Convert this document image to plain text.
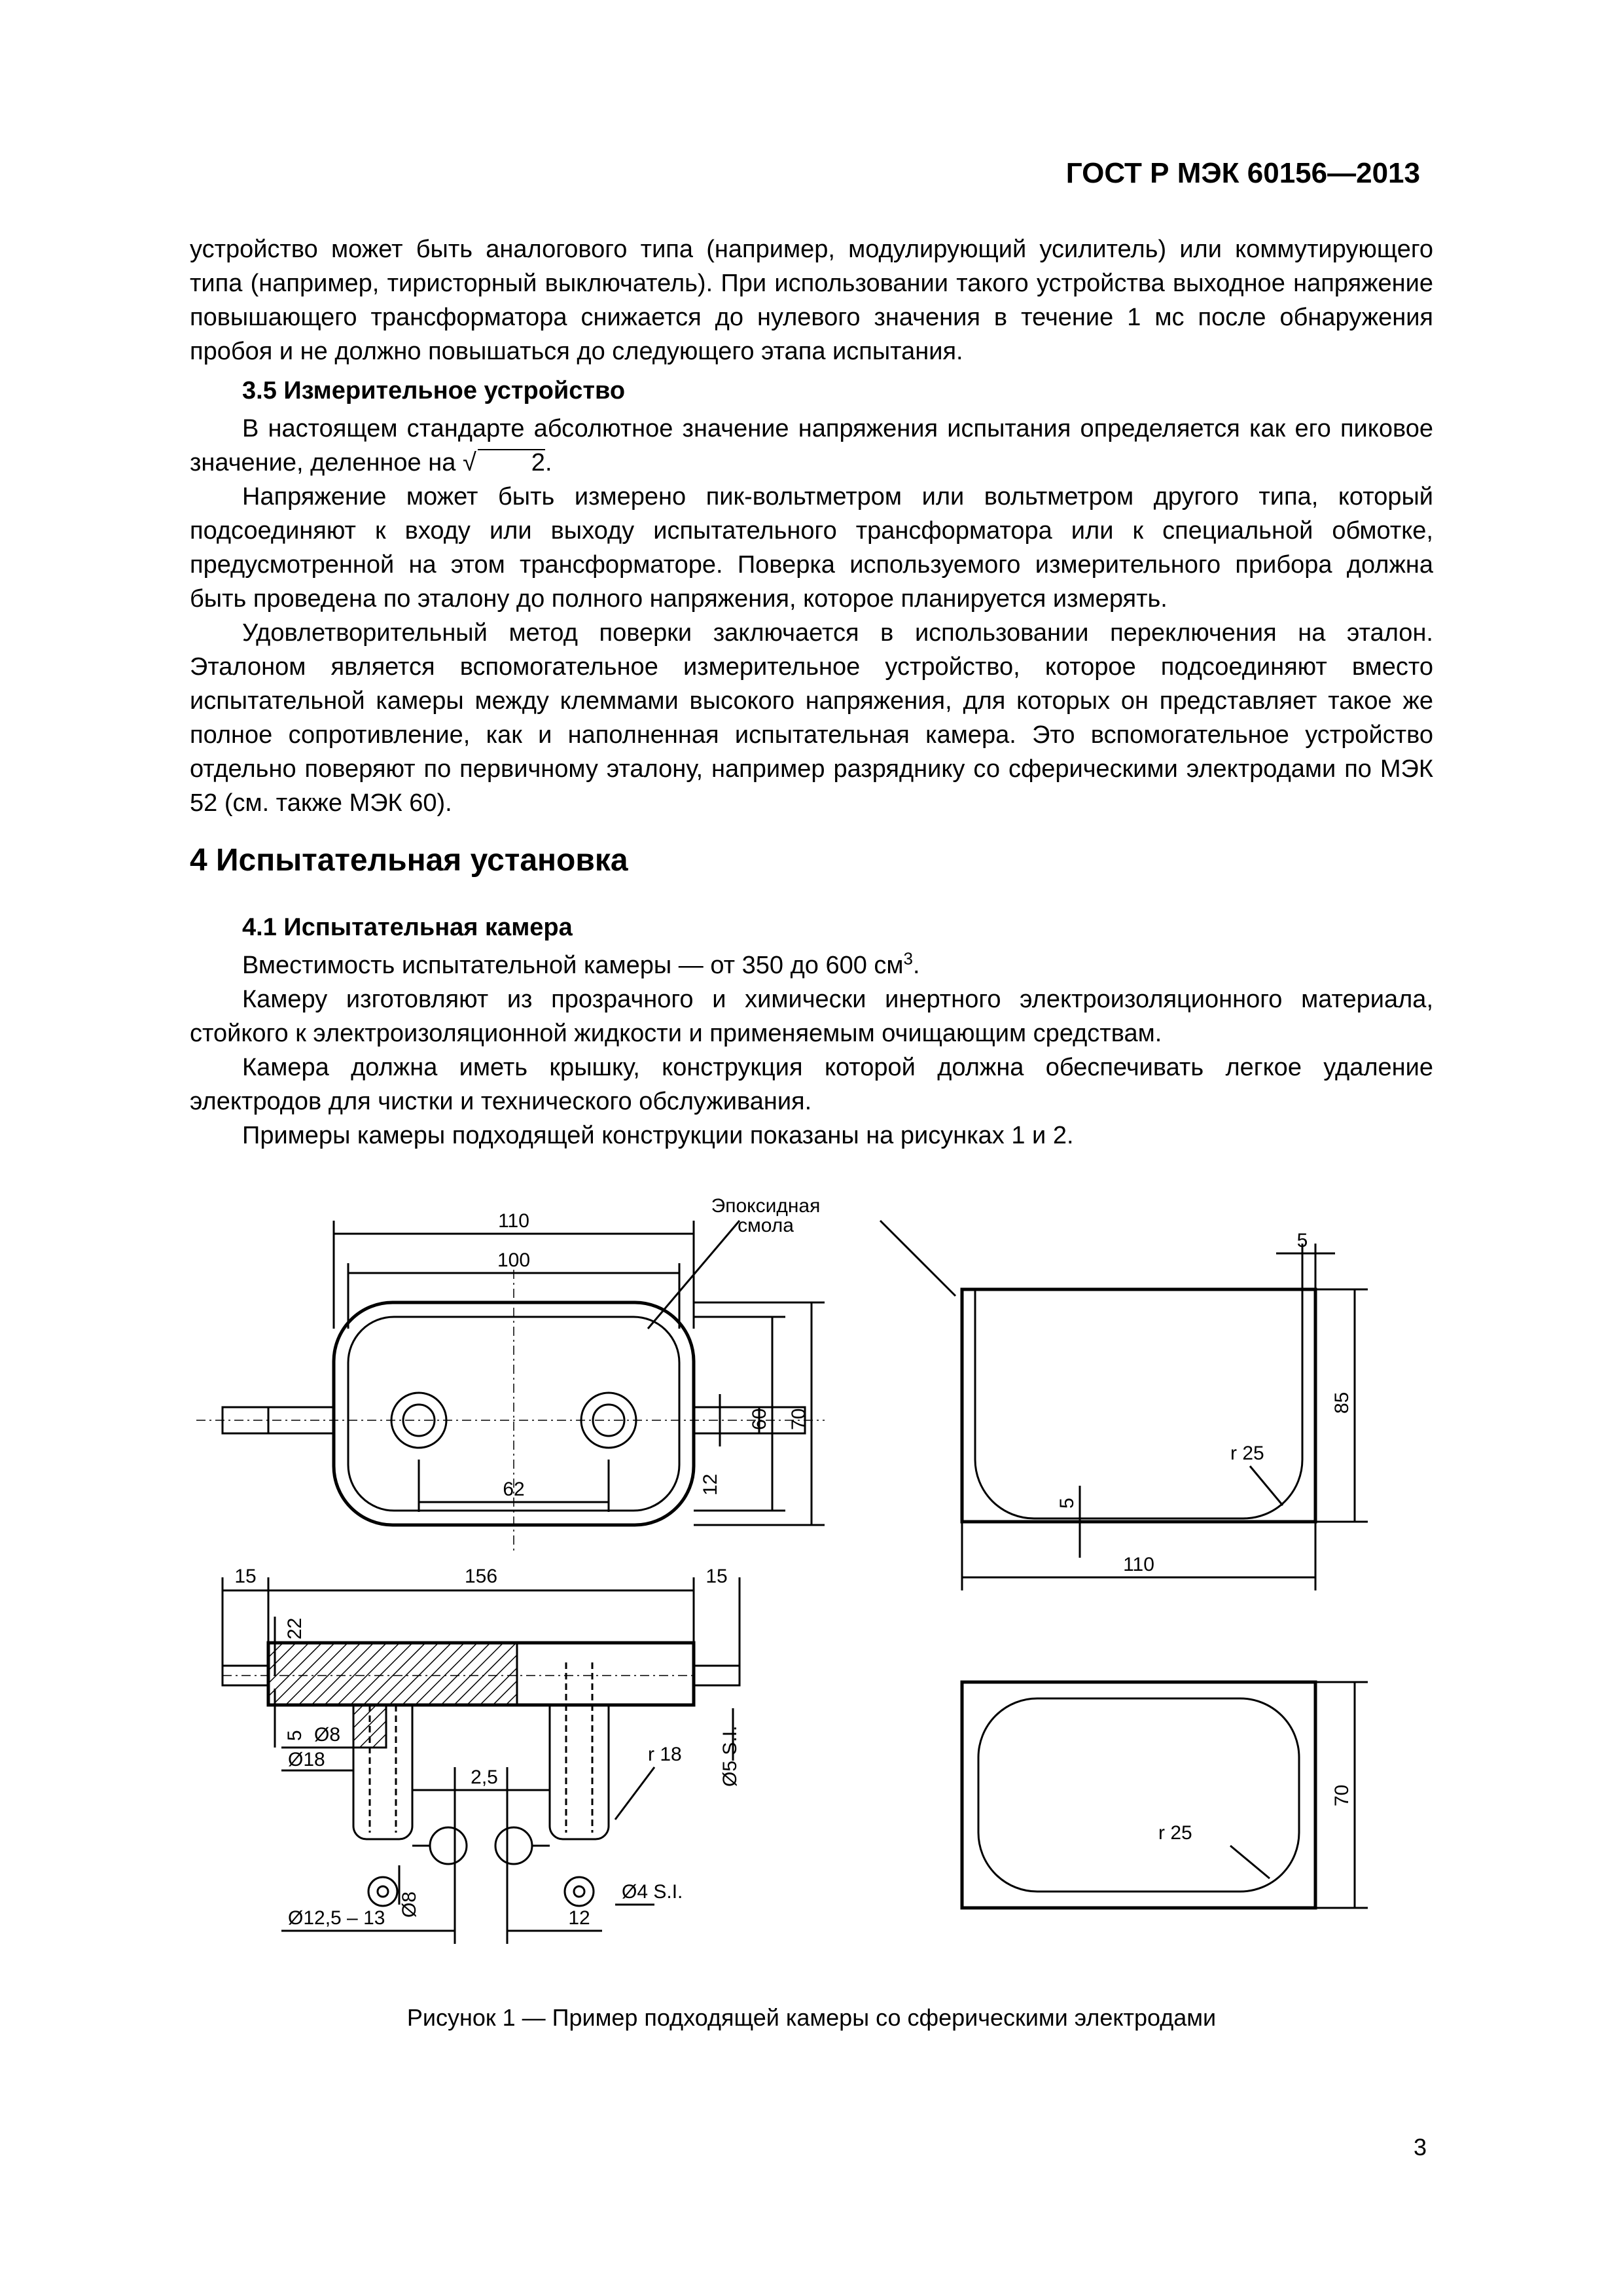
ГОСТ Р МЭК 60156—2013

устройство может быть аналогового типа (например, модулирующий усилитель) или коммутирующего типа (например, тиристорный выключатель). При использовании такого устройства выходное напряжение повышающего трансформатора снижается до нулевого значения в течение 1 мс после обнаружения пробоя и не должно повышаться до следующего этапа испытания.

3.5 Измерительное устройство

В настоящем стандарте абсолютное значение напряжения испытания определяется как его пиковое значение, деленное на √ 2.

Напряжение может быть измерено пик-вольтметром или вольтметром другого типа, который подсоединяют к входу или выходу испытательного трансформатора или к специальной обмотке, предусмотренной на этом трансформаторе. Поверка используемого измерительного прибора должна быть проведена по эталону до полного напряжения, которое планируется измерять.

Удовлетворительный метод поверки заключается в использовании переключения на эталон. Эталоном является вспомогательное измерительное устройство, которое подсоединяют вместо испытательной камеры между клеммами высокого напряжения, для которых он представляет такое же полное сопротивление, как и наполненная испытательная камера. Это вспомогательное устройство отдельно поверяют по первичному эталону, например разряднику со сферическими электродами по МЭК 52 (см. также МЭК 60).

4 Испытательная установка

4.1 Испытательная камера

Вместимость испытательной камеры — от 350 до 600 $см^3$.

Камеру изготовляют из прозрачного и химически инертного электроизоляционного материала, стойкого к электроизоляционной жидкости и применяемым очищающим средствам.

Камера должна иметь крышку, конструкция которой должна обеспечивать легкое удаление электродов для чистки и технического обслуживания.

Примеры камеры подходящей конструкции показаны на рисунках 1 и 2.

Эпоксидная
смола
110
100
62	12
60 70
5
85
r 25
5
110
15	156	15
22
5 Ø8
Ø18
2,5
r 18 Ø5 S.I.
Ø8	Ø4 S.I.
Ø12,5 – 13	12
r 25
70
Рисунок 1 — Пример подходящей камеры со сферическими электродами
3
